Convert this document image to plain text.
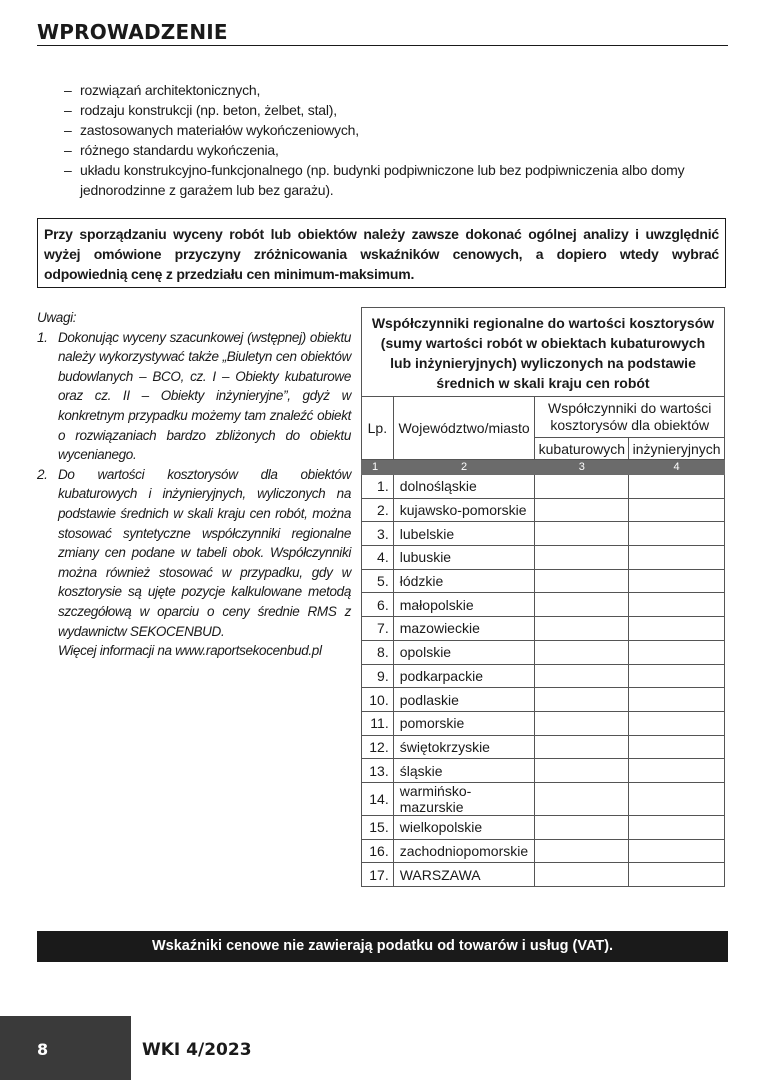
WPROWADZENIE
– rozwiązań architektonicznych,
– rodzaju konstrukcji (np. beton, żelbet, stal),
– zastosowanych materiałów wykończeniowych,
– różnego standardu wykończenia,
– układu konstrukcyjno-funkcjonalnego (np. budynki podpiwniczone lub bez podpiwniczenia albo domy jednorodzinne z garażem lub bez garażu).
Przy sporządzaniu wyceny robót lub obiektów należy zawsze dokonać ogólnej analizy i uwzględnić wyżej omówione przyczyny zróżnicowania wskaźników cenowych, a dopiero wtedy wybrać odpowiednią cenę z przedziału cen minimum-maksimum.
Uwagi:
1. Dokonując wyceny szacunkowej (wstępnej) obiektu należy wykorzystywać także „Biuletyn cen obiektów budowlanych – BCO, cz. I – Obiekty kubaturowe oraz cz. II – Obiekty inżynieryjne”, gdyż w konkretnym przypadku możemy tam znaleźć obiekt o rozwiązaniach bardzo zbliżonych do obiektu wycenianego.
2. Do wartości kosztorysów dla obiektów kubaturowych i inżynieryjnych, wyliczonych na podstawie średnich w skali kraju cen robót, można stosować syntetyczne współczynniki regionalne zmiany cen podane w tabeli obok. Współczynniki można również stosować w przypadku, gdy w kosztorysie są ujęte pozycje kalkulowane metodą szczegółową w oparciu o ceny średnie RMS z wydawnictw SEKOCENBUD.
Więcej informacji na www.raportsekocenbud.pl
Współczynniki regionalne do wartości kosztorysów (sumy wartości robót w obiektach kubaturowych lub inżynieryjnych) wyliczonych na podstawie średnich w skali kraju cen robót			
Lp.	Województwo/miasto	Współczynniki do wartości kosztorysów dla obiektów	
		kubaturowych	inżynieryjnych
1	2	3	4
1.	dolnośląskie		
2.	kujawsko-pomorskie		
3.	lubelskie		
4.	lubuskie		
5.	łódzkie		
6.	małopolskie		
7.	mazowieckie		
8.	opolskie		
9.	podkarpackie		
10.	podlaskie		
11.	pomorskie		
12.	świętokrzyskie		
13.	śląskie		
14.	warmińsko-mazurskie		
15.	wielkopolskie		
16.	zachodniopomorskie		
17.	WARSZAWA		
Wskaźniki cenowe nie zawierają podatku od towarów i usług (VAT).
8	WKI 4/2023
